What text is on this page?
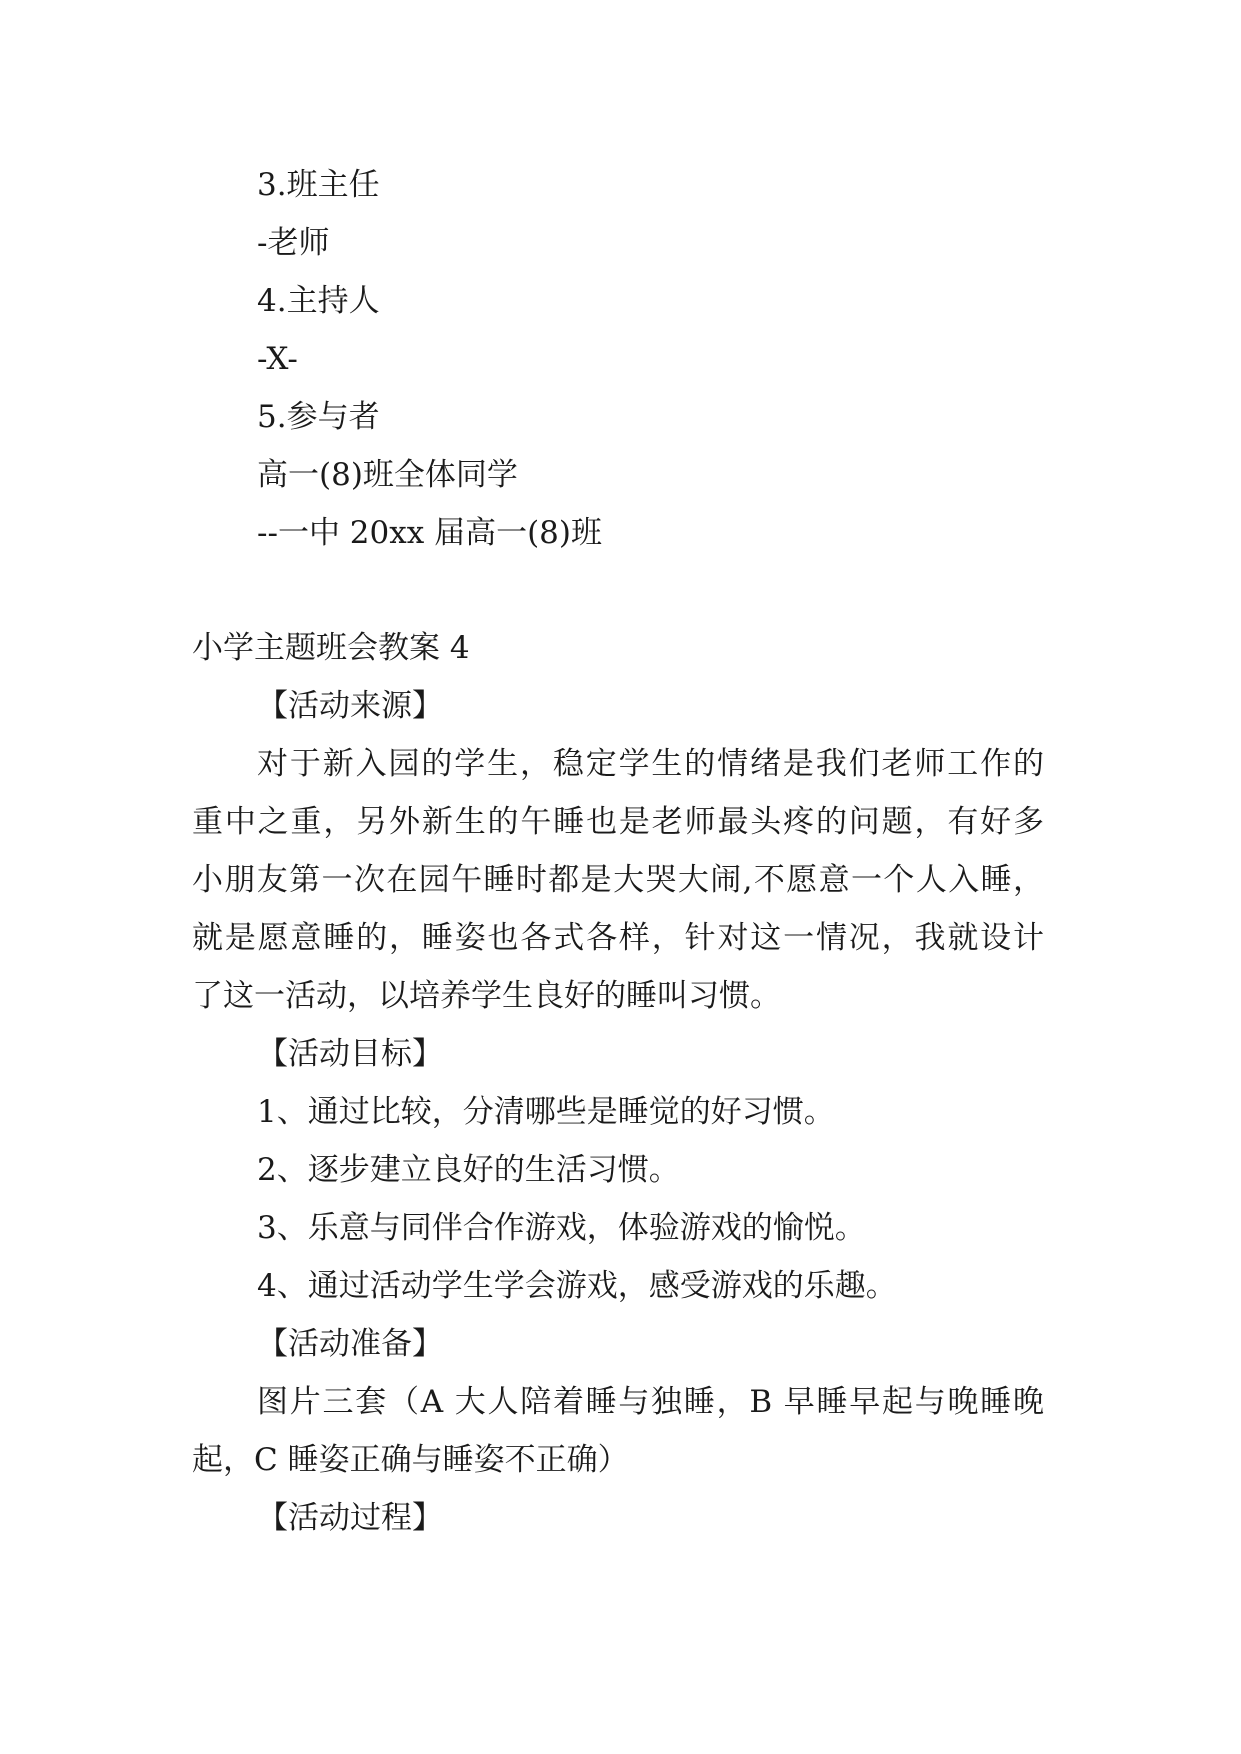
3.班主任
-老师
4.主持人
-X-
5.参与者
高一(8)班全体同学
--一中 20xx 届高一(8)班
小学主题班会教案 4
【活动来源】
对于新入园的学生，稳定学生的情绪是我们老师工作的
重中之重，另外新生的午睡也是老师最头疼的问题，有好多
小朋友第一次在园午睡时都是大哭大闹,不愿意一个人入睡，
就是愿意睡的，睡姿也各式各样，针对这一情况，我就设计
了这一活动，以培养学生良好的睡叫习惯。
【活动目标】
1、通过比较，分清哪些是睡觉的好习惯。
2、逐步建立良好的生活习惯。
3、乐意与同伴合作游戏，体验游戏的愉悦。
4、通过活动学生学会游戏，感受游戏的乐趣。
【活动准备】
图片三套（A 大人陪着睡与独睡，B 早睡早起与晚睡晚
起，C 睡姿正确与睡姿不正确）
【活动过程】
